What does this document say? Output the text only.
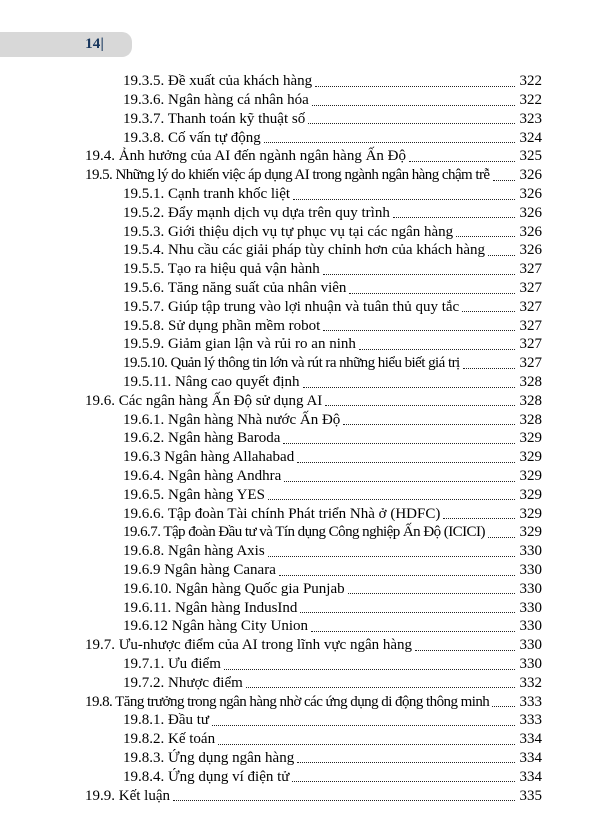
14|
19.3.5. Đề xuất của khách hàng	322
19.3.6. Ngân hàng cá nhân hóa	322
19.3.7. Thanh toán kỹ thuật số	323
19.3.8. Cố vấn tự động	324
19.4. Ảnh hưởng của AI đến ngành ngân hàng Ấn Độ	325
19.5. Những lý do khiến việc áp dụng AI trong ngành ngân hàng chậm trễ 326
19.5.1. Cạnh tranh khốc liệt	326
19.5.2. Đẩy mạnh dịch vụ dựa trên quy trình	326
19.5.3. Giới thiệu dịch vụ tự phục vụ tại các ngân hàng	326
19.5.4. Nhu cầu các giải pháp tùy chỉnh hơn của khách hàng 326
19.5.5. Tạo ra hiệu quả vận hành	327
19.5.6. Tăng năng suất của nhân viên	327
19.5.7. Giúp tập trung vào lợi nhuận và tuân thủ quy tắc	327
19.5.8. Sử dụng phần mềm robot	327
19.5.9. Giảm gian lận và rủi ro an ninh	327
19.5.10. Quản lý thông tin lớn và rút ra những hiểu biết giá trị	327
19.5.11. Nâng cao quyết định	328
19.6. Các ngân hàng Ấn Độ sử dụng AI	328
19.6.1. Ngân hàng Nhà nước Ấn Độ	328
19.6.2. Ngân hàng Baroda	329
19.6.3 Ngân hàng Allahabad	329
19.6.4. Ngân hàng Andhra	329
19.6.5. Ngân hàng YES	329
19.6.6. Tập đoàn Tài chính Phát triển Nhà ở (HDFC)	329
19.6.7. Tập đoàn Đầu tư và Tín dụng Công nghiệp Ấn Độ (ICICI) 329
19.6.8. Ngân hàng Axis	330
19.6.9 Ngân hàng Canara	330
19.6.10. Ngân hàng Quốc gia Punjab	330
19.6.11. Ngân hàng IndusInd	330
19.6.12 Ngân hàng City Union	330
19.7. Ưu-nhược điểm của AI trong lĩnh vực ngân hàng	330
19.7.1. Ưu điểm	330
19.7.2. Nhược điểm	332
19.8. Tăng trưởng trong ngân hàng nhờ các ứng dụng di động thông minh 333
19.8.1. Đầu tư	333
19.8.2. Kế toán	334
19.8.3. Ứng dụng ngân hàng	334
19.8.4. Ứng dụng ví điện tử	334
19.9. Kết luận	335
